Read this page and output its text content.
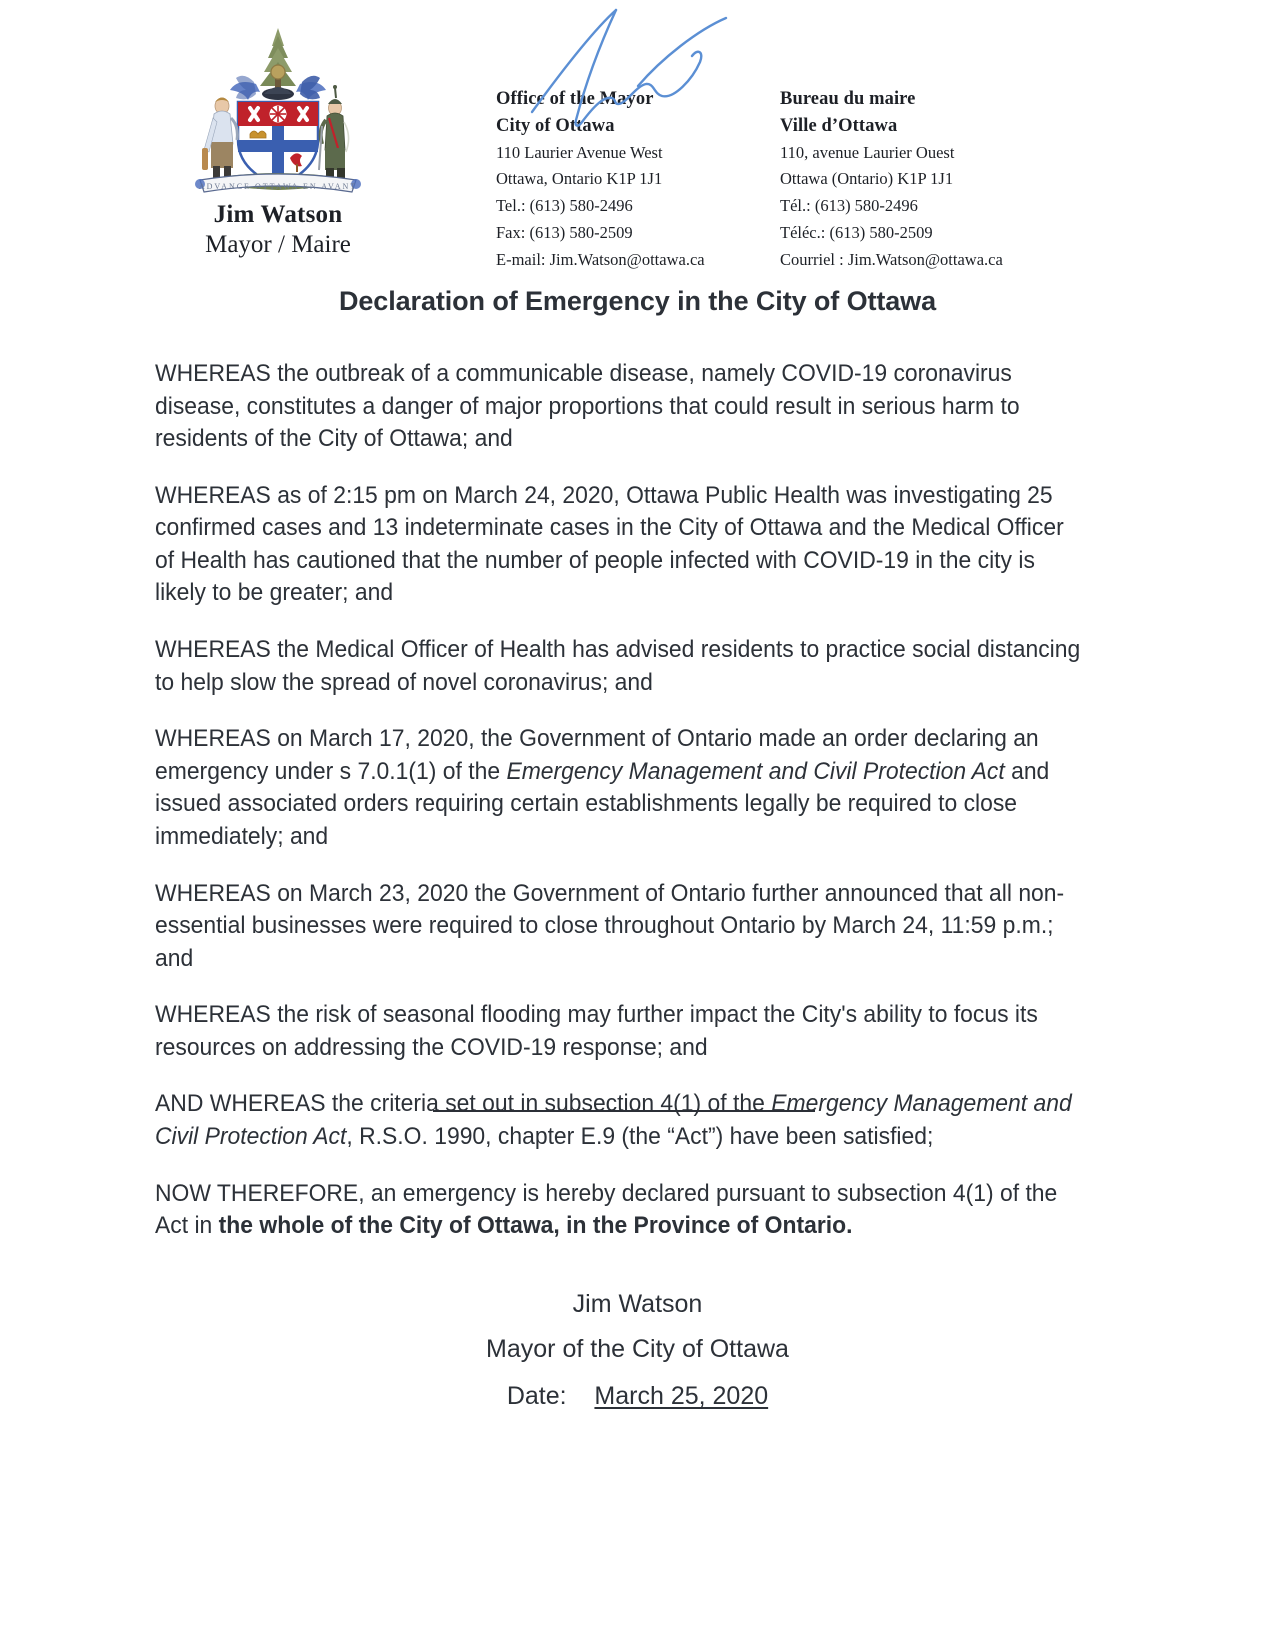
ADVANCE OTTAWA EN AVANT
Jim Watson
Mayor / Maire
Office of the Mayor
City of Ottawa
110 Laurier Avenue West
Ottawa, Ontario K1P 1J1
Tel.: (613) 580-2496
Fax: (613) 580-2509
E-mail: Jim.Watson@ottawa.ca
Bureau du maire
Ville d’Ottawa
110, avenue Laurier Ouest
Ottawa (Ontario) K1P 1J1
Tél.: (613) 580-2496
Téléc.: (613) 580-2509
Courriel : Jim.Watson@ottawa.ca
Declaration of Emergency in the City of Ottawa

WHEREAS the outbreak of a communicable disease, namely COVID-19 coronavirus disease, constitutes a danger of major proportions that could result in serious harm to residents of the City of Ottawa; and

WHEREAS as of 2:15 pm on March 24, 2020, Ottawa Public Health was investigating 25 confirmed cases and 13 indeterminate cases in the City of Ottawa and the Medical Officer of Health has cautioned that the number of people infected with COVID-19 in the city is likely to be greater; and

WHEREAS the Medical Officer of Health has advised residents to practice social distancing to help slow the spread of novel coronavirus; and

WHEREAS on March 17, 2020, the Government of Ontario made an order declaring an emergency under s 7.0.1(1) of the Emergency Management and Civil Protection Act and issued associated orders requiring certain establishments legally be required to close immediately; and

WHEREAS on March 23, 2020 the Government of Ontario further announced that all non-essential businesses were required to close throughout Ontario by March 24, 11:59 p.m.; and

WHEREAS the risk of seasonal flooding may further impact the City's ability to focus its resources on addressing the COVID-19 response; and

AND WHEREAS the criteria set out in subsection 4(1) of the Emergency Management and Civil Protection Act, R.S.O. 1990, chapter E.9 (the “Act”) have been satisfied;

NOW THEREFORE, an emergency is hereby declared pursuant to subsection 4(1) of the Act in the whole of the City of Ottawa, in the Province of Ontario.

Jim Watson
Mayor of the City of Ottawa
Date: March 25, 2020
